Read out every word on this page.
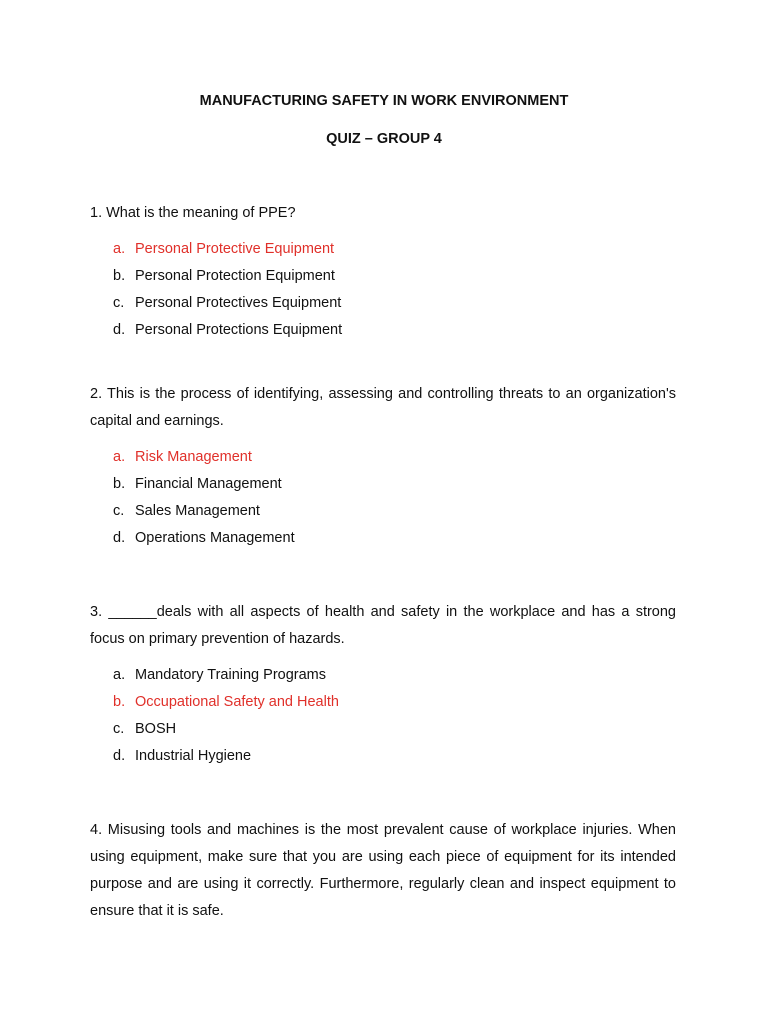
MANUFACTURING SAFETY IN WORK ENVIRONMENT
QUIZ – GROUP 4
1. What is the meaning of PPE?
a. Personal Protective Equipment
b. Personal Protection Equipment
c. Personal Protectives Equipment
d. Personal Protections Equipment
2. This is the process of identifying, assessing and controlling threats to an organization's capital and earnings.
a. Risk Management
b. Financial Management
c. Sales Management
d. Operations Management
3. ______deals with all aspects of health and safety in the workplace and has a strong focus on primary prevention of hazards.
a. Mandatory Training Programs
b. Occupational Safety and Health
c. BOSH
d. Industrial Hygiene
4. Misusing tools and machines is the most prevalent cause of workplace injuries. When using equipment, make sure that you are using each piece of equipment for its intended purpose and are using it correctly. Furthermore, regularly clean and inspect equipment to ensure that it is safe.
